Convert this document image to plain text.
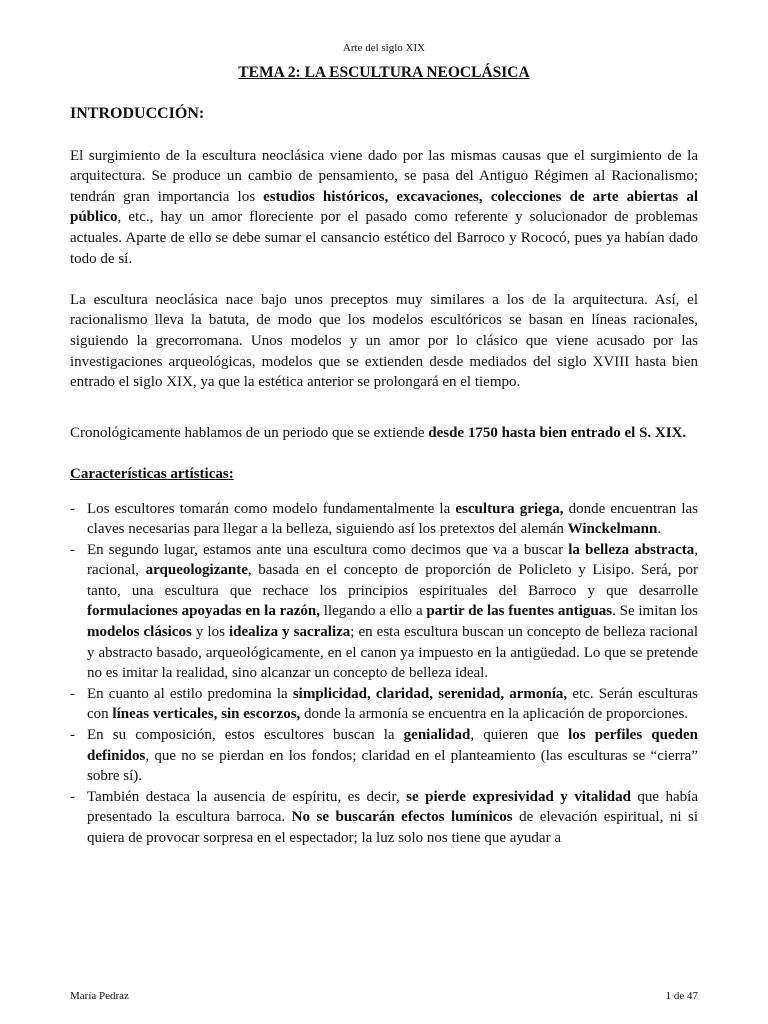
Arte del siglo XIX
TEMA 2: LA ESCULTURA NEOCLÁSICA

INTRODUCCIÓN:

El surgimiento de la escultura neoclásica viene dado por las mismas causas que el surgimiento de la arquitectura. Se produce un cambio de pensamiento, se pasa del Antiguo Régimen al Racionalismo; tendrán gran importancia los estudios históricos, excavaciones, colecciones de arte abiertas al público, etc., hay un amor floreciente por el pasado como referente y solucionador de problemas actuales. Aparte de ello se debe sumar el cansancio estético del Barroco y Rococó, pues ya habían dado todo de sí.

La escultura neoclásica nace bajo unos preceptos muy similares a los de la arquitectura. Así, el racionalismo lleva la batuta, de modo que los modelos escultóricos se basan en líneas racionales, siguiendo la grecorromana. Unos modelos y un amor por lo clásico que viene acusado por las investigaciones arqueológicas, modelos que se extienden desde mediados del siglo XVIII hasta bien entrado el siglo XIX, ya que la estética anterior se prolongará en el tiempo.

Cronológicamente hablamos de un periodo que se extiende desde 1750 hasta bien entrado el S. XIX.

Características artísticas:

- Los escultores tomarán como modelo fundamentalmente la escultura griega, donde encuentran las claves necesarias para llegar a la belleza, siguiendo así los pretextos del alemán Winckelmann.
- En segundo lugar, estamos ante una escultura como decimos que va a buscar la belleza abstracta, racional, arqueologizante, basada en el concepto de proporción de Policleto y Lisipo. Será, por tanto, una escultura que rechace los principios espirituales del Barroco y que desarrolle formulaciones apoyadas en la razón, llegando a ello a partir de las fuentes antiguas. Se imitan los modelos clásicos y los idealiza y sacraliza; en esta escultura buscan un concepto de belleza racional y abstracto basado, arqueológicamente, en el canon ya impuesto en la antigüedad. Lo que se pretende no es imitar la realidad, sino alcanzar un concepto de belleza ideal.
- En cuanto al estilo predomina la simplicidad, claridad, serenidad, armonía, etc. Serán esculturas con líneas verticales, sin escorzos, donde la armonía se encuentra en la aplicación de proporciones.
- En su composición, estos escultores buscan la genialidad, quieren que los perfiles queden definidos, que no se pierdan en los fondos; claridad en el planteamiento (las esculturas se “cierra” sobre sí).
- También destaca la ausencia de espíritu, es decir, se pierde expresividad y vitalidad que había presentado la escultura barroca. No se buscarán efectos lumínicos de elevación espiritual, ni si quiera de provocar sorpresa en el espectador; la luz solo nos tiene que ayudar a
María Pedraz	1 de 47
